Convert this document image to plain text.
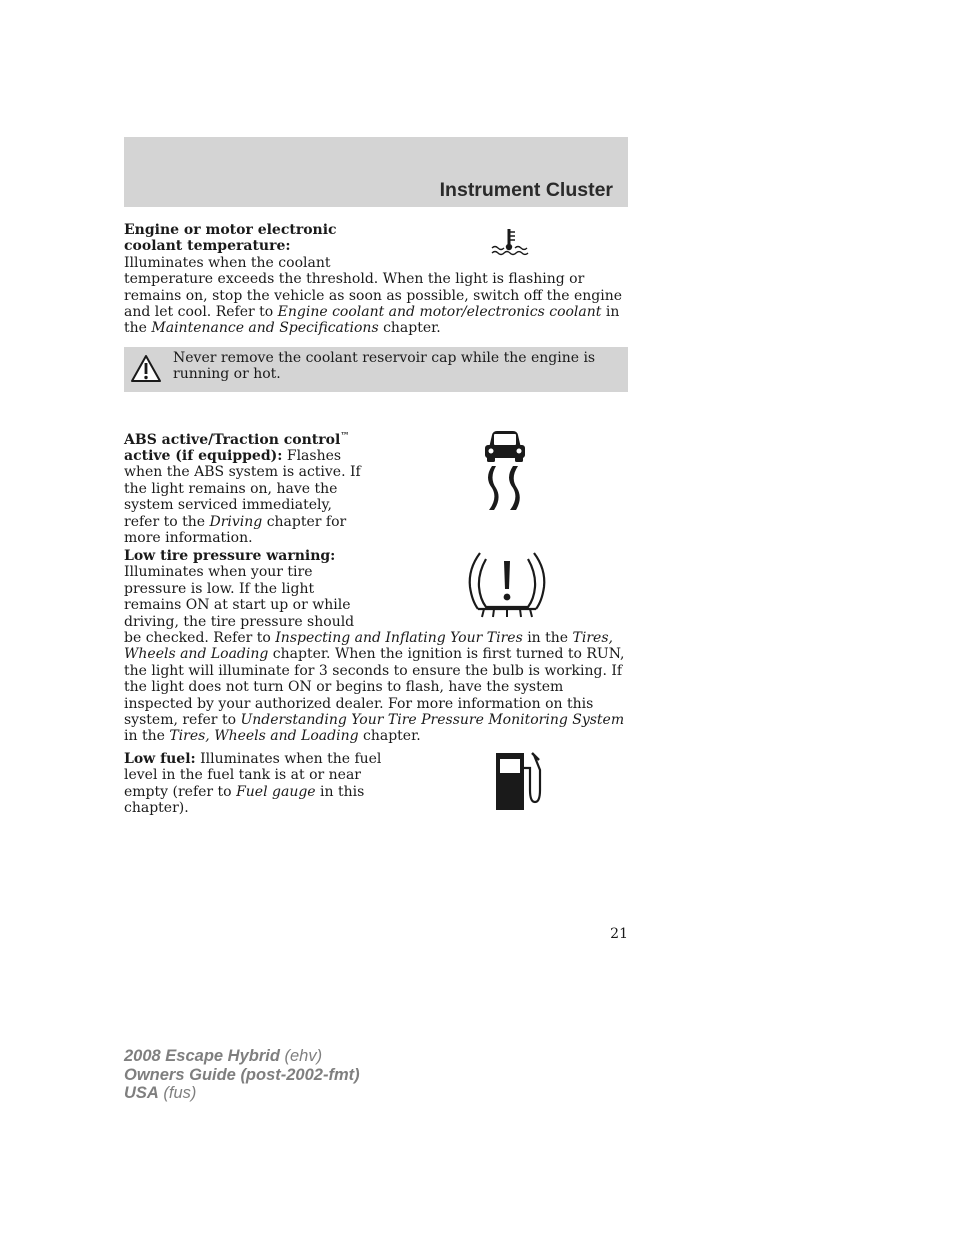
Instrument Cluster

Never remove the coolant reservoir cap while the engine is running or hot.

ABS active/Traction control™ active (if equipped): Flashes when the ABS system is active. If the light remains on, have the system serviced immediately, refer to the Driving chapter for more information.

Low fuel: Illuminates when the fuel level in the fuel tank is at or near empty (refer to Fuel gauge in this chapter).

21

2008 Escape Hybrid (ehv)
Owners Guide (post-2002-fmt)
USA (fus)

Engine or motor electronic coolant temperature: Illuminates when the coolant temperature exceeds the threshold. When the light is flashing or remains on, stop the vehicle as soon as possible, switch off the engine and let cool. Refer to Engine coolant and motor/electronics coolant in the Maintenance and Specifications chapter.
Low tire pressure warning: Illuminates when your tire pressure is low. If the light remains ON at start up or while driving, the tire pressure should be checked. Refer to Inspecting and Inflating Your Tires in the Tires, Wheels and Loading chapter. When the ignition is first turned to RUN, the light will illuminate for 3 seconds to ensure the bulb is working. If the light does not turn ON or begins to flash, have the system inspected by your authorized dealer. For more information on this system, refer to Understanding Your Tire Pressure Monitoring System in the Tires, Wheels and Loading chapter.
